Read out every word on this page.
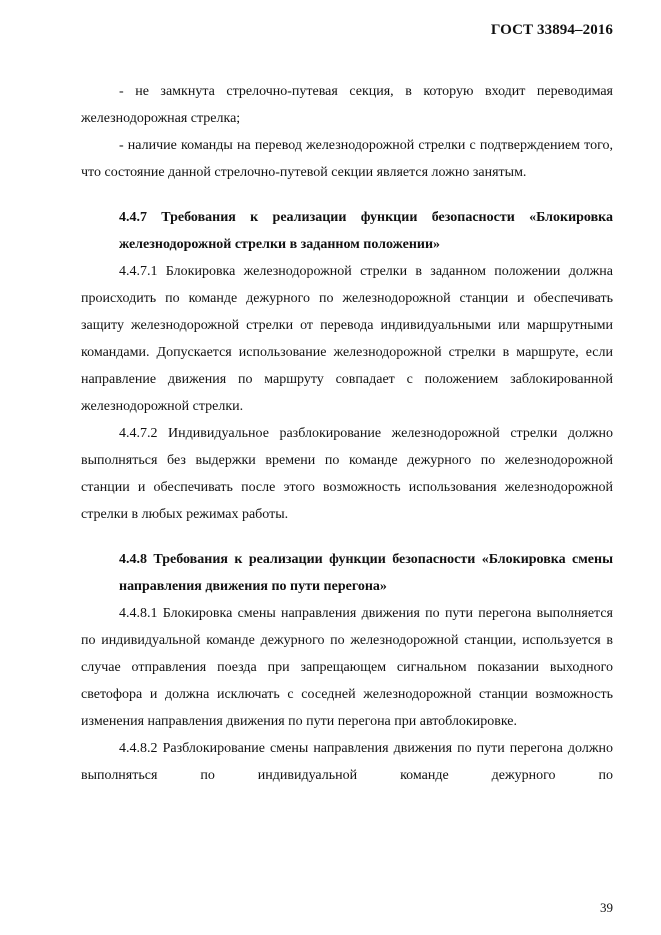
ГОСТ 33894–2016

- не замкнута стрелочно-путевая секция, в которую входит переводимая железнодорожная стрелка;

- наличие команды на перевод железнодорожной стрелки с подтверждением того, что состояние данной стрелочно-путевой секции является ложно занятым.

4.4.7 Требования к реализации функции безопасности «Блокировка железнодорожной стрелки в заданном положении»

4.4.7.1 Блокировка железнодорожной стрелки в заданном положении должна происходить по команде дежурного по железнодорожной станции и обеспечивать защиту железнодорожной стрелки от перевода индивидуальными или маршрутными командами. Допускается использование железнодорожной стрелки в маршруте, если направление движения по маршруту совпадает с положением заблокированной железнодорожной стрелки.

4.4.7.2 Индивидуальное разблокирование железнодорожной стрелки должно выполняться без выдержки времени по команде дежурного по железнодорожной станции и обеспечивать после этого возможность использования железнодорожной стрелки в любых режимах работы.

4.4.8 Требования к реализации функции безопасности «Блокировка смены направления движения по пути перегона»

4.4.8.1 Блокировка смены направления движения по пути перегона выполняется по индивидуальной команде дежурного по железнодорожной станции, используется в случае отправления поезда при запрещающем сигнальном показании выходного светофора и должна исключать с соседней железнодорожной станции возможность изменения направления движения по пути перегона при автоблокировке.

4.4.8.2 Разблокирование смены направления движения по пути перегона должно выполняться по индивидуальной команде дежурного по

39
